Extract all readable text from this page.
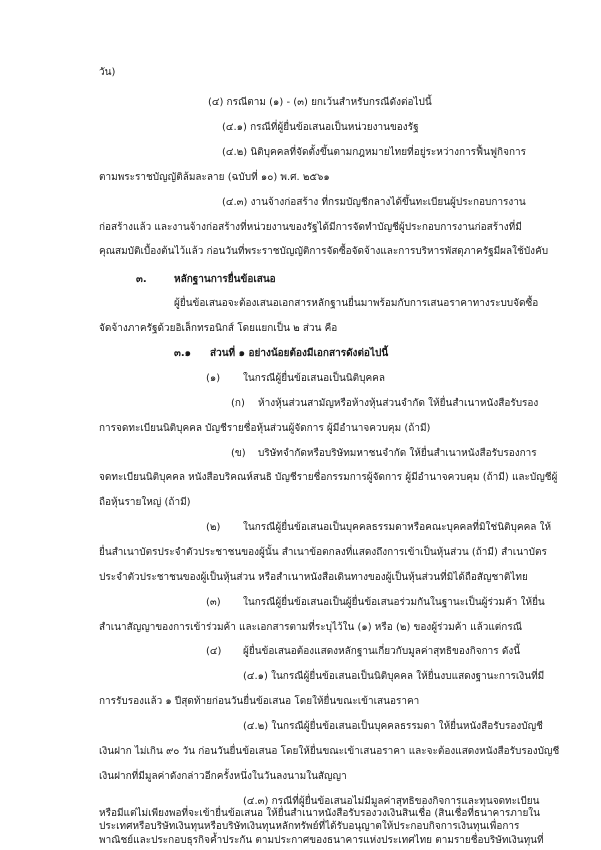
วัน)
(๔) กรณีตาม (๑) - (๓) ยกเว้นสำหรับกรณีดังต่อไปนี้
(๔.๑) กรณีที่ผู้ยื่นข้อเสนอเป็นหน่วยงานของรัฐ
(๔.๒) นิติบุคคลที่จัดตั้งขึ้นตามกฎหมายไทยที่อยู่ระหว่างการฟื้นฟูกิจการ
ตามพระราชบัญญัติล้มละลาย (ฉบับที่ ๑๐) พ.ศ. ๒๕๖๑
(๔.๓) งานจ้างก่อสร้าง ที่กรมบัญชีกลางได้ขึ้นทะเบียนผู้ประกอบการงาน
ก่อสร้างแล้ว และงานจ้างก่อสร้างที่หน่วยงานของรัฐได้มีการจัดทำบัญชีผู้ประกอบการงานก่อสร้างที่มี
คุณสมบัติเบื้องต้นไว้แล้ว ก่อนวันที่พระราชบัญญัติการจัดซื้อจัดจ้างและการบริหารพัสดุภาครัฐมีผลใช้บังคับ
๓.	หลักฐานการยื่นข้อเสนอ
ผู้ยื่นข้อเสนอจะต้องเสนอเอกสารหลักฐานยื่นมาพร้อมกับการเสนอราคาทางระบบจัดซื้อ
จัดจ้างภาครัฐด้วยอิเล็กทรอนิกส์ โดยแยกเป็น ๒ ส่วน คือ
๓.๑ ส่วนที่ ๑ อย่างน้อยต้องมีเอกสารดังต่อไปนี้
(๑) ในกรณีผู้ยื่นข้อเสนอเป็นนิติบุคคล
(ก) ห้างหุ้นส่วนสามัญหรือห้างหุ้นส่วนจำกัด ให้ยื่นสำเนาหนังสือรับรอง
การจดทะเบียนนิติบุคคล บัญชีรายชื่อหุ้นส่วนผู้จัดการ ผู้มีอำนาจควบคุม (ถ้ามี)
(ข) บริษัทจำกัดหรือบริษัทมหาชนจำกัด ให้ยื่นสำเนาหนังสือรับรองการ
จดทะเบียนนิติบุคคล หนังสือบริคณห์สนธิ บัญชีรายชื่อกรรมการผู้จัดการ ผู้มีอำนาจควบคุม (ถ้ามี) และบัญชีผู้
ถือหุ้นรายใหญ่ (ถ้ามี)
(๒) ในกรณีผู้ยื่นข้อเสนอเป็นบุคคลธรรมดาหรือคณะบุคคลที่มิใช่นิติบุคคล ให้
ยื่นสำเนาบัตรประจำตัวประชาชนของผู้นั้น สำเนาข้อตกลงที่แสดงถึงการเข้าเป็นหุ้นส่วน (ถ้ามี) สำเนาบัตร
ประจำตัวประชาชนของผู้เป็นหุ้นส่วน หรือสำเนาหนังสือเดินทางของผู้เป็นหุ้นส่วนที่มิได้ถือสัญชาติไทย
(๓) ในกรณีผู้ยื่นข้อเสนอเป็นผู้ยื่นข้อเสนอร่วมกันในฐานะเป็นผู้ร่วมค้า ให้ยื่น
สำเนาสัญญาของการเข้าร่วมค้า และเอกสารตามที่ระบุไว้ใน (๑) หรือ (๒) ของผู้ร่วมค้า แล้วแต่กรณี
(๔) ผู้ยื่นข้อเสนอต้องแสดงหลักฐานเกี่ยวกับมูลค่าสุทธิของกิจการ ดังนี้
(๔.๑) ในกรณีผู้ยื่นข้อเสนอเป็นนิติบุคคล ให้ยื่นงบแสดงฐานะการเงินที่มี
การรับรองแล้ว ๑ ปีสุดท้ายก่อนวันยื่นข้อเสนอ โดยให้ยื่นขณะเข้าเสนอราคา
(๔.๒) ในกรณีผู้ยื่นข้อเสนอเป็นบุคคลธรรมดา ให้ยื่นหนังสือรับรองบัญชี
เงินฝาก ไม่เกิน ๙๐ วัน ก่อนวันยื่นข้อเสนอ โดยให้ยื่นขณะเข้าเสนอราคา และจะต้องแสดงหนังสือรับรองบัญชี
เงินฝากที่มีมูลค่าดังกล่าวอีกครั้งหนึ่งในวันลงนามในสัญญา
(๔.๓) กรณีที่ผู้ยื่นข้อเสนอไม่มีมูลค่าสุทธิของกิจการและทุนจดทะเบียน
หรือมีแต่ไม่เพียงพอที่จะเข้ายื่นข้อเสนอ ให้ยื่นสำเนาหนังสือรับรองวงเงินสินเชื่อ (สินเชื่อที่ธนาคารภายใน
ประเทศหรือบริษัทเงินทุนหรือบริษัทเงินทุนหลักทรัพย์ที่ได้รับอนุญาตให้ประกอบกิจการเงินทุนเพื่อการ
พาณิชย์และประกอบธุรกิจค้ำประกัน ตามประกาศของธนาคารแห่งประเทศไทย ตามรายชื่อบริษัทเงินทุนที่
